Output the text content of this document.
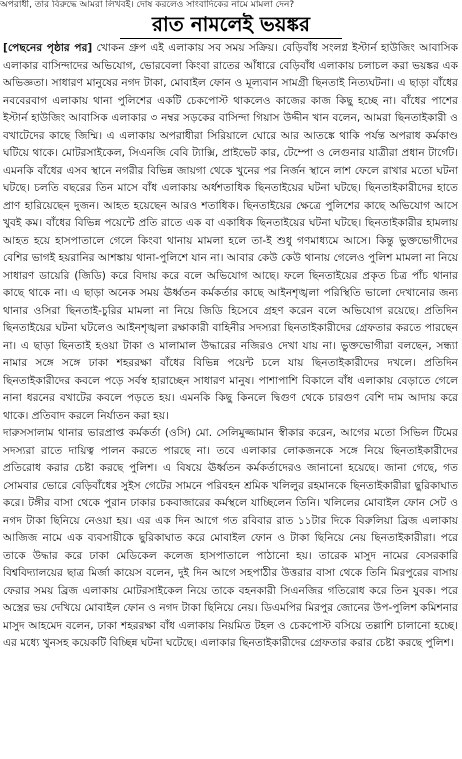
অপরাধী, তার বিরুদ্ধে আমরা লিখবই। দোষ করলেও সাংবাদিকের নামে মামলা দেন?
রাত নামলেই ভয়ঙ্কর

[পেছনের পৃষ্ঠার পর] খোকন গ্রুপ এই এলাকায় সব সময় সক্রিয়। বেড়িবাঁধ সংলগ্ন ইস্টার্ন হাউজিং আবাসিক এলাকার বাসিন্দাদের অভিযোগ, ভোরবেলা কিংবা রাতের আঁধারে বেড়িবাঁধ এলাকায় চলাচল করা ভয়ঙ্কর এক অভিজ্ঞতা। সাধারণ মানুষের নগদ টাকা, মোবাইল ফোন ও মূল্যবান সামগ্রী ছিনতাই নিত্যঘটনা। এ ছাড়া বাঁধের নববেরবাগ এলাকায় থানা পুলিশের একটি চেকপোস্ট থাকলেও কাজের কাজ কিছু হচ্ছে না। বাঁধের পাশের ইস্টার্ন হাউজিং আবাসিক এলাকার ৩ নম্বর সড়কের বাসিন্দা গিয়াস উদ্দীন খান বলেন, আমরা ছিনতাইকারী ও বখাটেদের কাছে জিম্মি। এ এলাকায় অপরাধীরা সিরিয়ালে ঘোরে আর আতঙ্কে থাকি পর্যন্ত অপরাধ কর্মকাণ্ড ঘটিয়ে থাকে। মোটরসাইকেল, সিএনজি বেবি ট্যাক্সি, প্রাইভেট কার, টেম্পো ও লেগুনার যাত্রীরা প্রধান টার্গেট। এমনকি বাঁধের এসব স্থানে নগরীর বিভিন্ন জায়গা থেকে খুনের পর নির্জন স্থানে লাশ ফেলে রাখার মতো ঘটনা ঘটছে। চলতি বছরের তিন মাসে বাঁধ এলাকায় অর্ধশতাধিক ছিনতাইয়ের ঘটনা ঘটছে। ছিনতাইকারীদের হাতে প্রাণ হারিয়েছেন দুজন। আহত হয়েছেন আরও শতাধিক। ছিনতাইয়ের ক্ষেত্রে পুলিশের কাছে অভিযোগ আসে খুবই কম। বাঁধের বিভিন্ন পয়েন্টে প্রতি রাতে এক বা একাধিক ছিনতাইয়ের ঘটনা ঘটছে। ছিনতাইকারীর হামলায় আহত হয়ে হাসপাতালে গেলে কিংবা থানায় মামলা হলে তা-ই শুধু গণমাধ্যমে আসে। কিন্তু ভুক্তভোগীদের বেশির ভাগই হয়রানির আশঙ্কায় থানা-পুলিশে যান না। আবার কেউ কেউ থানায় গেলেও পুলিশ মামলা না নিয়ে সাধারণ ডায়েরি (জিডি) করে বিদায় করে বলে অভিযোগ আছে। ফলে ছিনতাইয়ের প্রকৃত চিত্র পাঁচ থানার কাছে থাকে না। এ ছাড়া অনেক সময় ঊর্ধ্বতন কর্মকর্তার কাছে আইনশৃঙ্খলা পরিস্থিতি ভালো দেখানোর জন্য থানার ওসিরা ছিনতাই-চুরির মামলা না নিয়ে জিডি হিসেবে গ্রহণ করেন বলে অভিযোগ রয়েছে। প্রতিদিন ছিনতাইয়ের ঘটনা ঘটলেও আইনশৃঙ্খলা রক্ষাকারী বাহিনীর সদস্যরা ছিনতাইকারীদের গ্রেফতার করতে পারছেন না। এ ছাড়া ছিনতাই হওয়া টাকা ও মালামাল উদ্ধারের নজিরও দেখা যায় না। ভুক্তভোগীরা বলছেন, সন্ধ্যা নামার সঙ্গে সঙ্গে ঢাকা শহররক্ষা বাঁধের বিভিন্ন পয়েন্ট চলে যায় ছিনতাইকারীদের দখলে। প্রতিদিন ছিনতাইকারীদের কবলে পড়ে সর্বস্ব হারাচ্ছেন সাধারণ মানুষ। পাশাপাশি বিকালে বাঁধ এলাকায় বেড়াতে গেলে নানা ধরনের বখাটের কবলে পড়তে হয়। এমনকি কিছু কিনলে দ্বিগুণ থেকে চারগুণ বেশি দাম আদায় করে থাকে। প্রতিবাদ করলে নির্যাতন করা হয়।

দারুসসালাম থানার ভারপ্রাপ্ত কর্মকর্তা (ওসি) মো. সেলিমুজ্জামান স্বীকার করেন, আগের মতো সিভিল টিমের সদস্যরা রাতে দায়িত্ব পালন করতে পারছে না। তবে এলাকার লোকজনকে সঙ্গে নিয়ে ছিনতাইকারীদের প্রতিরোধ করার চেষ্টা করছে পুলিশ। এ বিষয়ে ঊর্ধ্বতন কর্মকর্তাদেরও জানানো হয়েছে। জানা গেছে, গত সোমবার ভোরে বেড়িবাঁধের সুইস গেটের সামনে পরিবহন শ্রমিক খলিলুর রহমানকে ছিনতাইকারীরা ছুরিকাঘাত করে। টঙ্গীর বাসা থেকে পুরান ঢাকার চকবাজারের কর্মস্থলে যাচ্ছিলেন তিনি। খলিলের মোবাইল ফোন সেট ও নগদ টাকা ছিনিয়ে নেওয়া হয়। এর এক দিন আগে গত রবিবার রাত ১১টার দিকে বিরুলিয়া ব্রিজ এলাকায় আজিজ নামে এক ব্যবসায়ীকে ছুরিকাঘাত করে মোবাইল ফোন ও টাকা ছিনিয়ে নেয় ছিনতাইকারীরা। পরে তাকে উদ্ধার করে ঢাকা মেডিকেল কলেজ হাসপাতালে পাঠানো হয়। তারেক মাসুদ নামের বেসরকারি বিশ্ববিদ্যালয়ের ছাত্র মির্জা কায়েস বলেন, দুই দিন আগে সহপাঠীর উত্তরার বাসা থেকে তিনি মিরপুরের বাসায় ফেরার সময় ব্রিজ এলাকায় মোটরসাইকেল নিয়ে তাকে বহনকারী সিএনজির গতিরোধ করে তিন যুবক। পরে অস্ত্রের ভয় দেখিয়ে মোবাইল ফোন ও নগদ টাকা ছিনিয়ে নেয়। ডিএমপির মিরপুর জোনের উপ-পুলিশ কমিশনার মাসুদ আহমেদ বলেন, ঢাকা শহররক্ষা বাঁধ এলাকায় নিয়মিত টহল ও চেকপোস্ট বসিয়ে তল্লাশি চালানো হচ্ছে। এর মধ্যে খুনসহ কয়েকটি বিচ্ছিন্ন ঘটনা ঘটেছে। এলাকার ছিনতাইকারীদের গ্রেফতার করার চেষ্টা করছে পুলিশ।
